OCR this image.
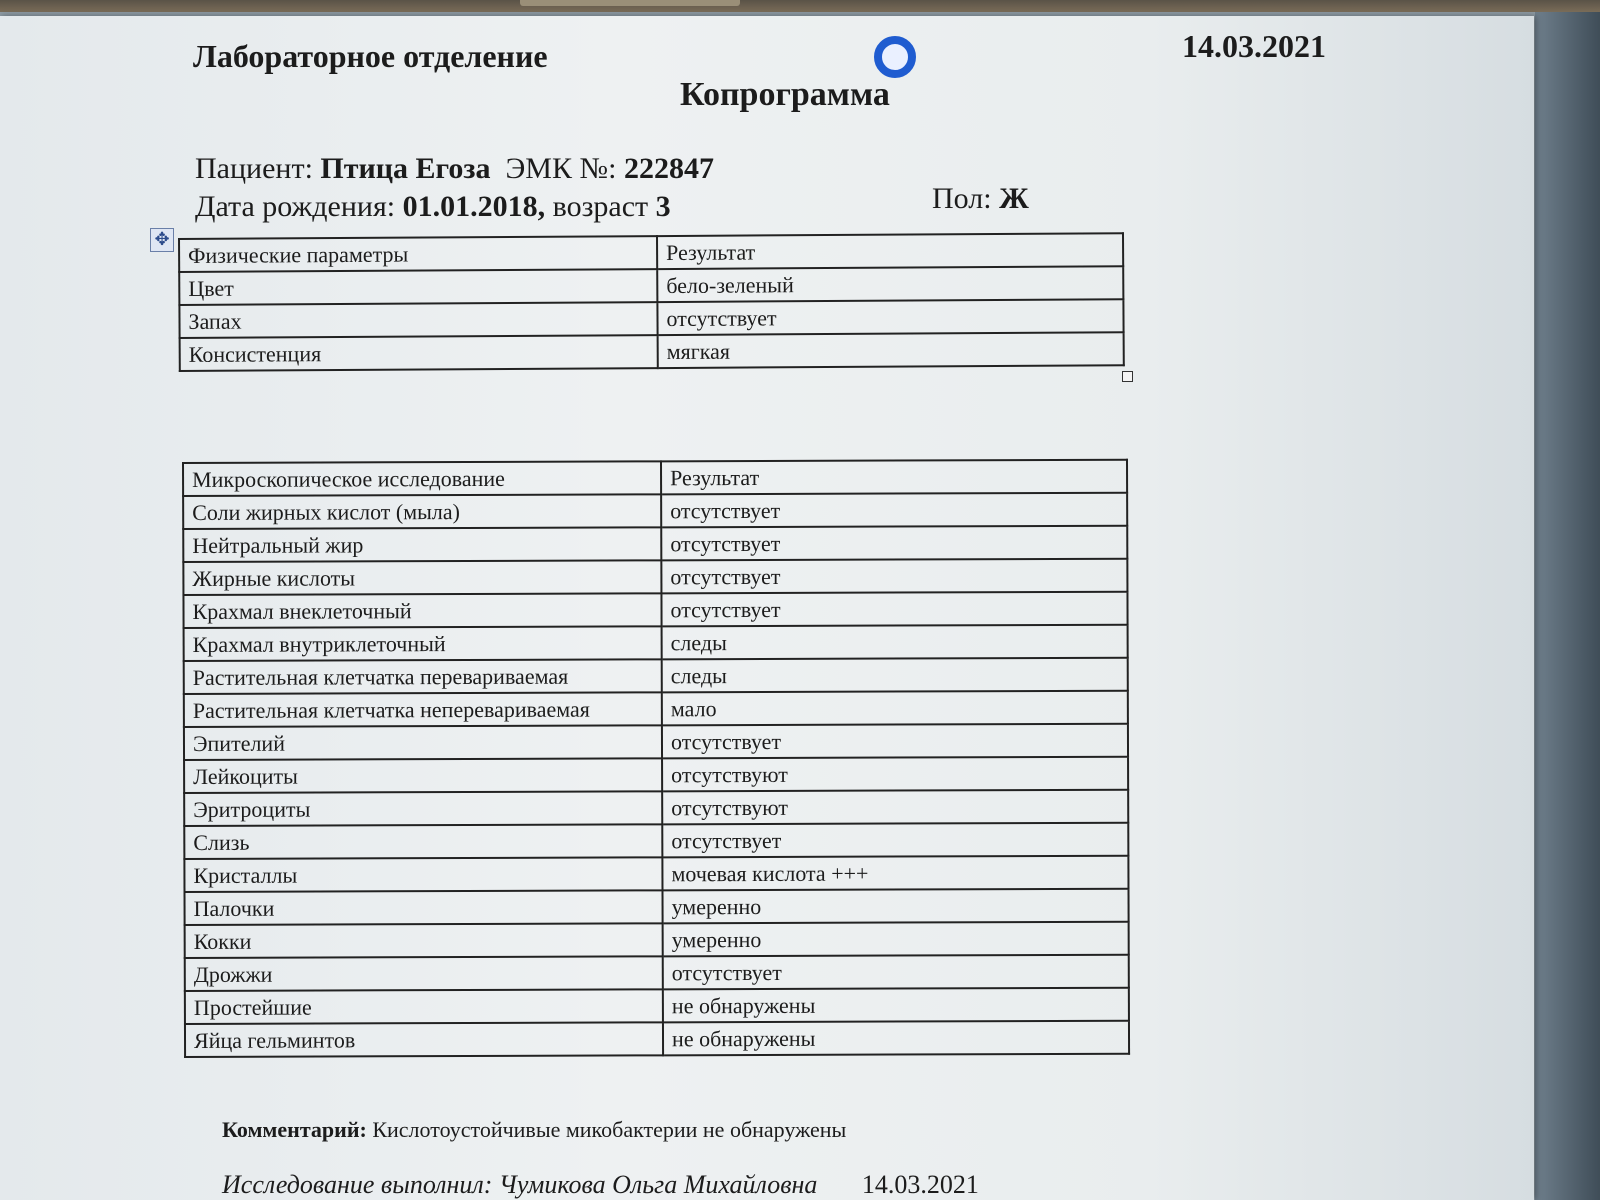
Лабораторное отделение	14.03.2021
Копрограмма
Пациент: Птица Егоза ЭМК №: 222847
Дата рождения: 01.01.2018, возраст 3	Пол: Ж
✥
Физические параметры	Результат
Цвет	бело-зеленый
Запах	отсутствует
Консистенция	мягкая
Микроскопическое исследование	Результат
Соли жирных кислот (мыла)	отсутствует
Нейтральный жир	отсутствует
Жирные кислоты	отсутствует
Крахмал внеклеточный	отсутствует
Крахмал внутриклеточный	следы
Растительная клетчатка перевариваемая	следы
Растительная клетчатка неперевариваемая	мало
Эпителий	отсутствует
Лейкоциты	отсутствуют
Эритроциты	отсутствуют
Слизь	отсутствует
Кристаллы	мочевая кислота +++
Палочки	умеренно
Кокки	умеренно
Дрожжи	отсутствует
Простейшие	не обнаружены
Яйца гельминтов	не обнаружены
Комментарий: Кислотоустойчивые микобактерии не обнаружены
Исследование выполнил: Чумикова Ольга Михайловна 14.03.2021
